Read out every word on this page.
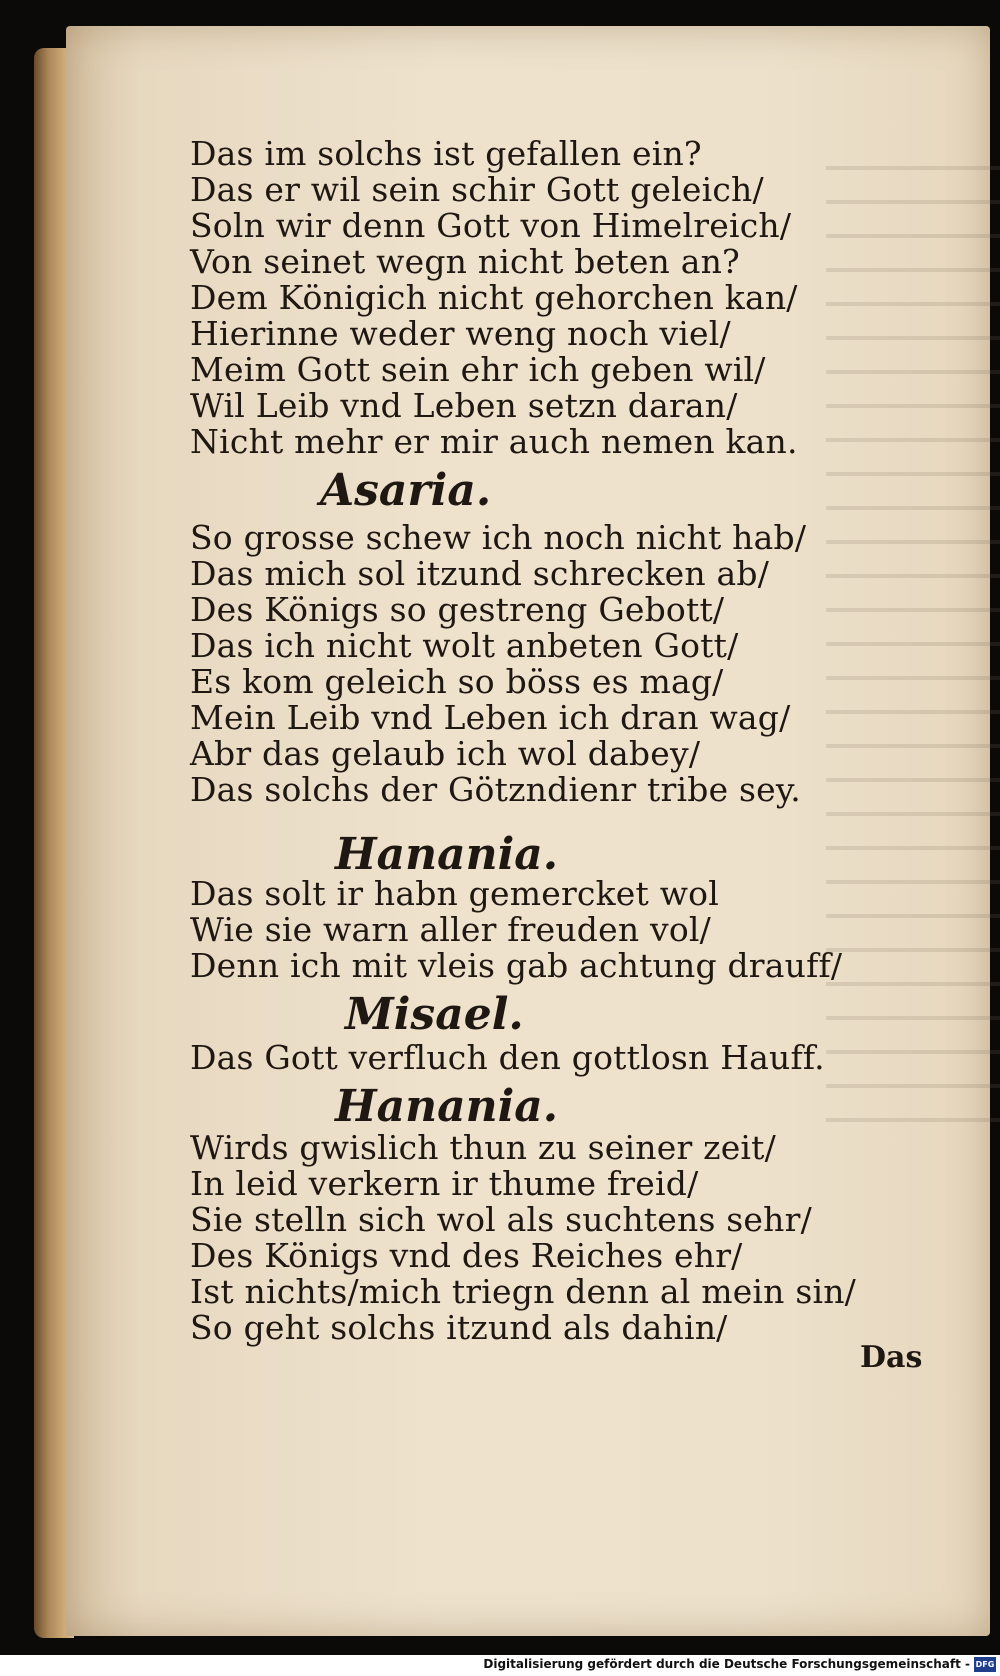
Das im solchs ist gefallen ein?
Das er wil sein schir Gott geleich/
Soln wir denn Gott von Himelreich/
Von seinet wegn nicht beten an?
Dem Königich nicht gehorchen kan/
Hierinne weder weng noch viel/
Meim Gott sein ehr ich geben wil/
Wil Leib vnd Leben setzn daran/
Nicht mehr er mir auch nemen kan.
Asaria.
So grosse schew ich noch nicht hab/
Das mich sol itzund schrecken ab/
Des Königs so gestreng Gebott/
Das ich nicht wolt anbeten Gott/
Es kom geleich so böss es mag/
Mein Leib vnd Leben ich dran wag/
Abr das gelaub ich wol dabey/
Das solchs der Götzndienr tribe sey.
Hanania.
Das solt ir habn gemercket wol
Wie sie warn aller freuden vol/
Denn ich mit vleis gab achtung drauff/
Misael.
Das Gott verfluch den gottlosn Hauff.
Hanania.
Wirds gwislich thun zu seiner zeit/
In leid verkern ir thume freid/
Sie stelln sich wol als suchtens sehr/
Des Königs vnd des Reiches ehr/
Ist nichts/mich triegn denn al mein sin/
So geht solchs itzund als dahin/
Das
Digitalisierung gefördert durch die Deutsche Forschungsgemeinschaft - DFG
